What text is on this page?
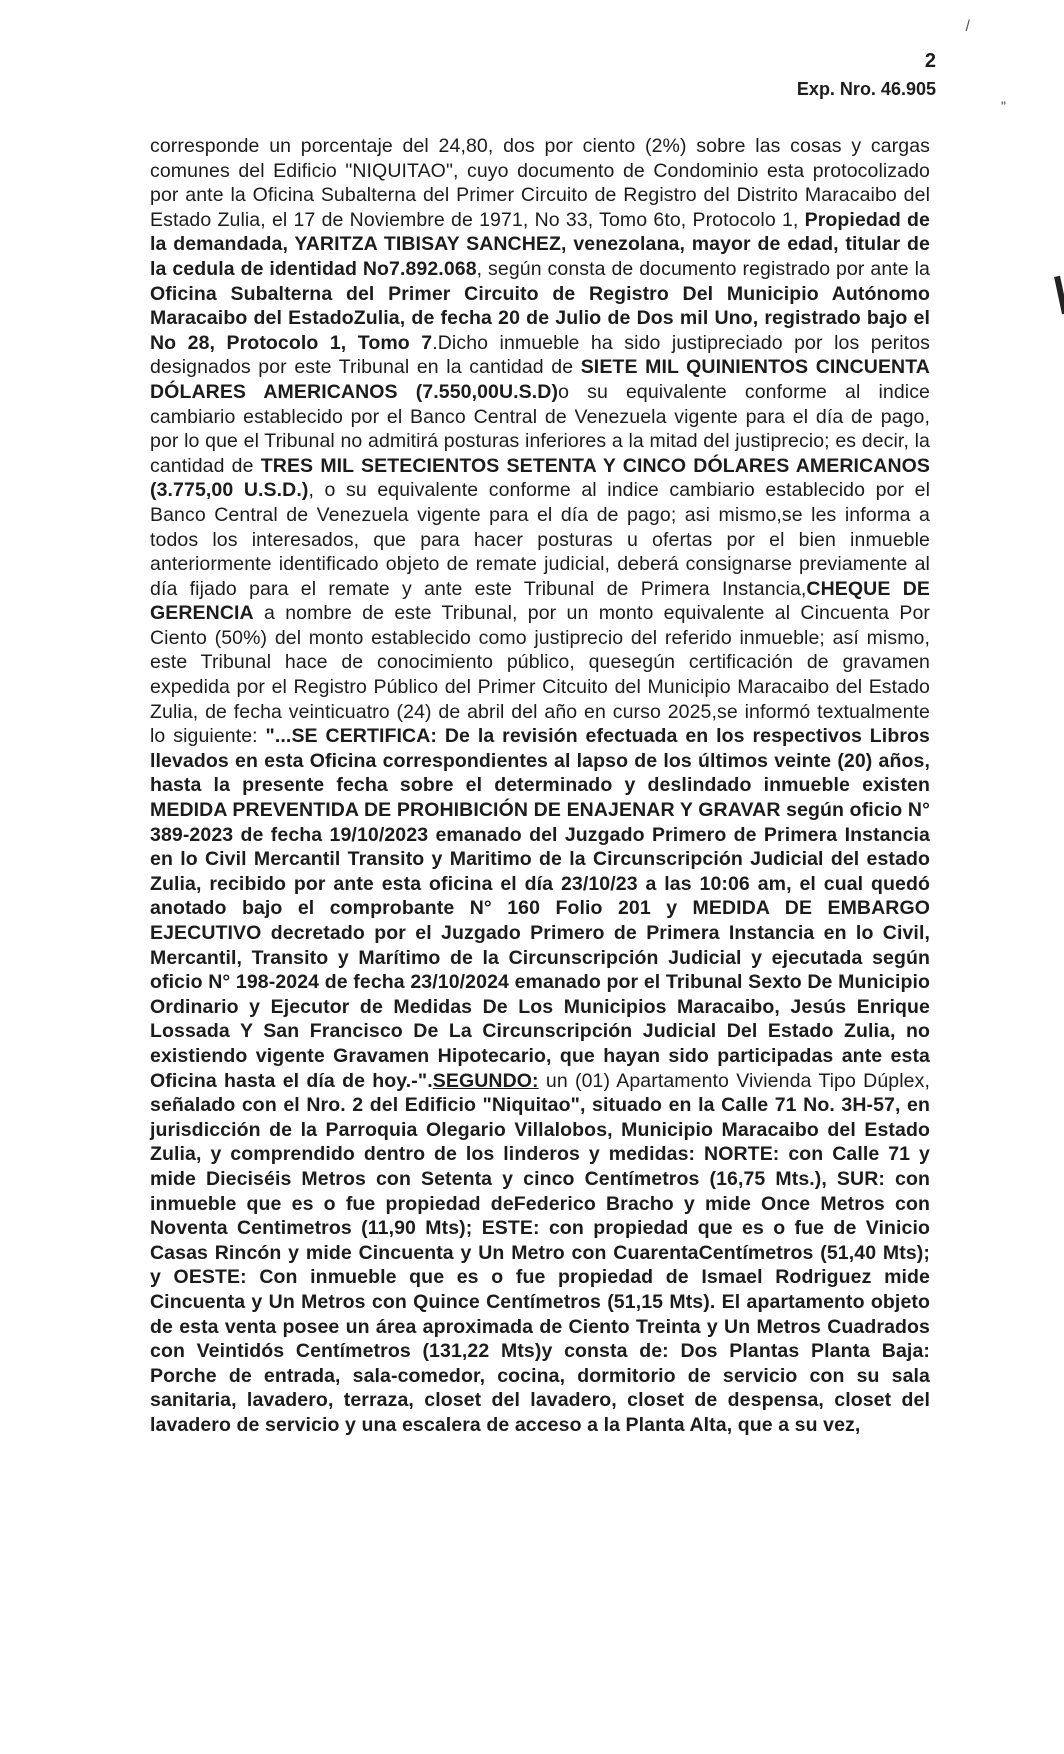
/
"
2
Exp. Nro. 46.905
corresponde un porcentaje del 24,80, dos por ciento (2%) sobre las cosas y cargas comunes del Edificio "NIQUITAO", cuyo documento de Condominio esta protocolizado por ante la Oficina Subalterna del Primer Circuito de Registro del Distrito Maracaibo del Estado Zulia, el 17 de Noviembre de 1971, No 33, Tomo 6to, Protocolo 1, Propiedad de la demandada, YARITZA TIBISAY SANCHEZ, venezolana, mayor de edad, titular de la cedula de identidad No7.892.068, según consta de documento registrado por ante la Oficina Subalterna del Primer Circuito de Registro Del Municipio Autónomo Maracaibo del EstadoZulia, de fecha 20 de Julio de Dos mil Uno, registrado bajo el No 28, Protocolo 1, Tomo 7.Dicho inmueble ha sido justipreciado por los peritos designados por este Tribunal en la cantidad de SIETE MIL QUINIENTOS CINCUENTA DÓLARES AMERICANOS (7.550,00U.S.D)o su equivalente conforme al indice cambiario establecido por el Banco Central de Venezuela vigente para el día de pago, por lo que el Tribunal no admitirá posturas inferiores a la mitad del justiprecio; es decir, la cantidad de TRES MIL SETECIENTOS SETENTA Y CINCO DÓLARES AMERICANOS (3.775,00 U.S.D.), o su equivalente conforme al indice cambiario establecido por el Banco Central de Venezuela vigente para el día de pago; asi mismo,se les informa a todos los interesados, que para hacer posturas u ofertas por el bien inmueble anteriormente identificado objeto de remate judicial, deberá consignarse previamente al día fijado para el remate y ante este Tribunal de Primera Instancia,CHEQUE DE GERENCIA a nombre de este Tribunal, por un monto equivalente al Cincuenta Por Ciento (50%) del monto establecido como justiprecio del referido inmueble; así mismo, este Tribunal hace de conocimiento público, quesegún certificación de gravamen expedida por el Registro Público del Primer Citcuito del Municipio Maracaibo del Estado Zulia, de fecha veinticuatro (24) de abril del año en curso 2025,se informó textualmente lo siguiente: "...SE CERTIFICA: De la revisión efectuada en los respectivos Libros llevados en esta Oficina correspondientes al lapso de los últimos veinte (20) años, hasta la presente fecha sobre el determinado y deslindado inmueble existen MEDIDA PREVENTIDA DE PROHIBICIÓN DE ENAJENAR Y GRAVAR según oficio N° 389-2023 de fecha 19/10/2023 emanado del Juzgado Primero de Primera Instancia en lo Civil Mercantil Transito y Maritimo de la Circunscripción Judicial del estado Zulia, recibido por ante esta oficina el día 23/10/23 a las 10:06 am, el cual quedó anotado bajo el comprobante N° 160 Folio 201 y MEDIDA DE EMBARGO EJECUTIVO decretado por el Juzgado Primero de Primera Instancia en lo Civil, Mercantil, Transito y Marítimo de la Circunscripción Judicial y ejecutada según oficio N° 198-2024 de fecha 23/10/2024 emanado por el Tribunal Sexto De Municipio Ordinario y Ejecutor de Medidas De Los Municipios Maracaibo, Jesús Enrique Lossada Y San Francisco De La Circunscripción Judicial Del Estado Zulia, no existiendo vigente Gravamen Hipotecario, que hayan sido participadas ante esta Oficina hasta el día de hoy.-".SEGUNDO: un (01) Apartamento Vivienda Tipo Dúplex, señalado con el Nro. 2 del Edificio "Niquitao", situado en la Calle 71 No. 3H-57, en jurisdicción de la Parroquia Olegario Villalobos, Municipio Maracaibo del Estado Zulia, y comprendido dentro de los linderos y medidas: NORTE: con Calle 71 y mide Dieciséis Metros con Setenta y cinco Centímetros (16,75 Mts.), SUR: con inmueble que es o fue propiedad deFederico Bracho y mide Once Metros con Noventa Centimetros (11,90 Mts); ESTE: con propiedad que es o fue de Vinicio Casas Rincón y mide Cincuenta y Un Metro con CuarentaCentímetros (51,40 Mts); y OESTE: Con inmueble que es o fue propiedad de Ismael Rodriguez mide Cincuenta y Un Metros con Quince Centímetros (51,15 Mts). El apartamento objeto de esta venta posee un área aproximada de Ciento Treinta y Un Metros Cuadrados con Veintidós Centímetros (131,22 Mts)y consta de: Dos Plantas Planta Baja: Porche de entrada, sala-comedor, cocina, dormitorio de servicio con su sala sanitaria, lavadero, terraza, closet del lavadero, closet de despensa, closet del lavadero de servicio y una escalera de acceso a la Planta Alta, que a su vez,
